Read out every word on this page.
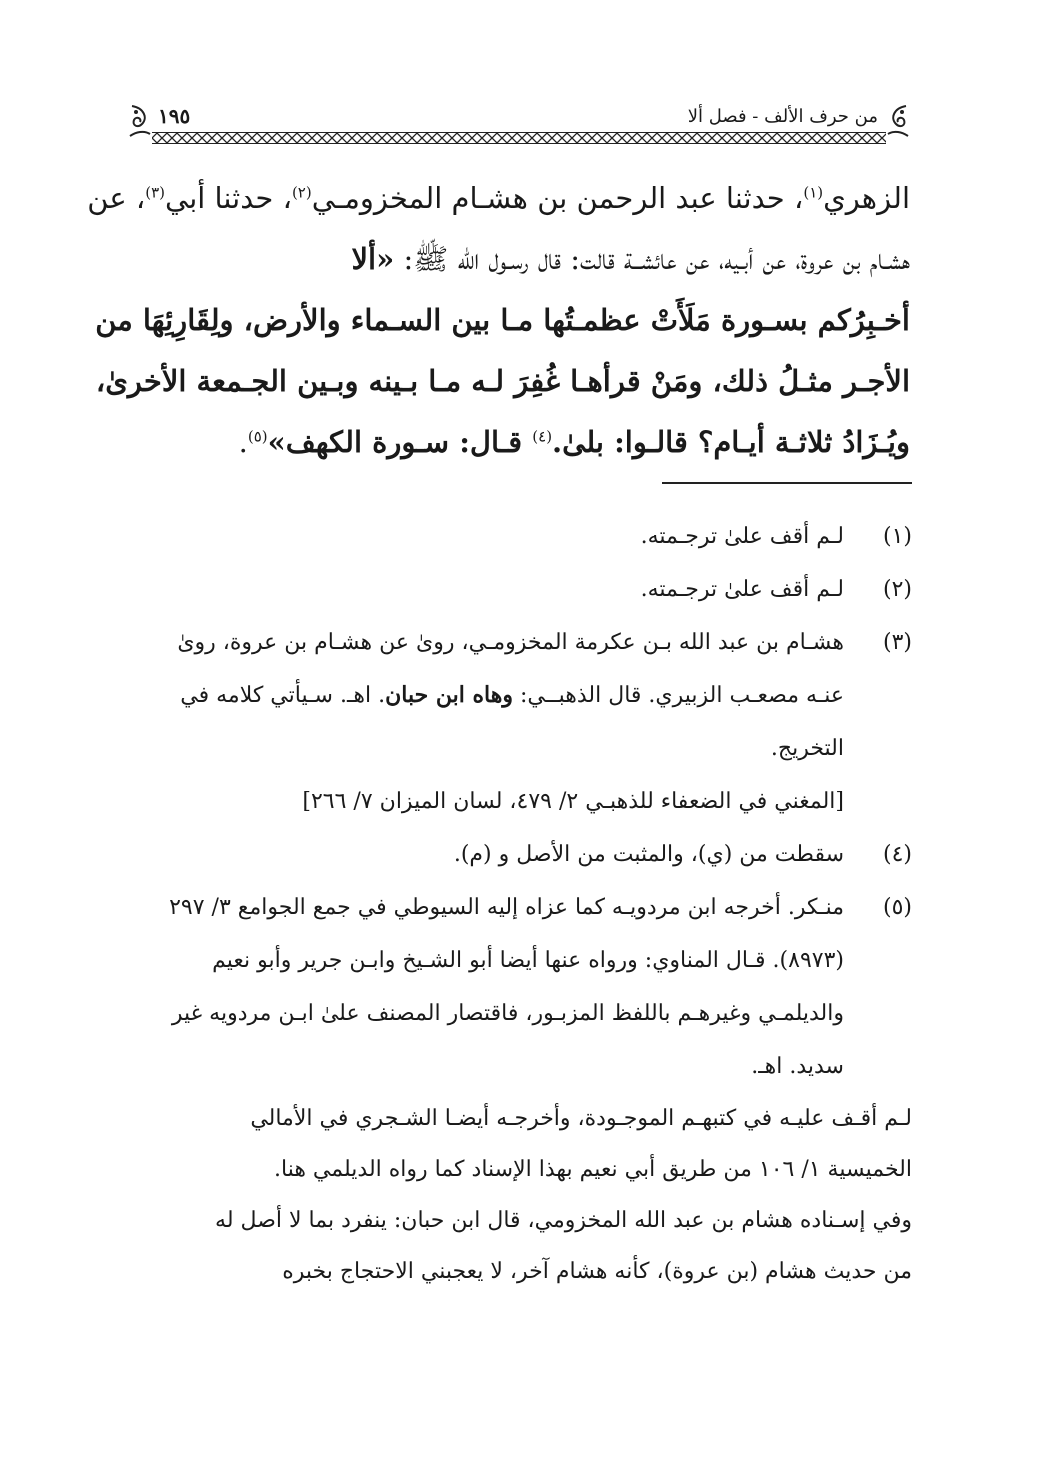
من حرف الألف - فصل ألا
١٩٥
الزهري$^{(١)}$، حدثنا عبد الرحمن بن هشـام المخزومـي$^{(٢)}$، حدثنا أبي$^{(٣)}$، عن
هشـام بن عروة، عن أبـيه، عن عائشــة قالت: قال رسـول الله ﷺ: «ألا
أخـبِرُكم بسـورة مَلَأَتْ عظمـتُها مـا بين السـماء والأرض، ولِقَارِئِهَا من
الأجـر مثـلُ ذلك، ومَنْ قرأهـا غُفِرَ لـه مـا بـينه وبـين الجـمعة الأخرىٰ،
ويُـزَادُ ثلاثـة أيـام؟ قالـوا: بلىٰ.$^{(٤)}$ قـال: سـورة الكهف»$^{(٥)}$.
(١)
لـم أقف علىٰ ترجـمته.
(٢)
لـم أقف علىٰ ترجـمته.
(٣)
هشـام بن عبد الله بـن عكرمة المخزومـي، روىٰ عن هشـام بن عروة، روىٰ
عنـه مصعـب الزبيري. قال الذهبــي: وهاه ابن حبان. اهـ. سـيأتي كلامه في
التخريج.
[المغني في الضعفاء للذهبـي ٢/ ٤٧٩، لسان الميزان ٧/ ٢٦٦]
(٤)
سقطت من (ي)، والمثبت من الأصل و (م).
(٥)
منـكر. أخرجه ابن مردويـه كما عزاه إليه السيوطي في جمع الجوامع ٣/ ٢٩٧
(٨٩٧٣). قـال المناوي: ورواه عنها أيضا أبو الشـيخ وابـن جرير وأبو نعيم
والديلمـي وغيرهـم باللفظ المزبـور، فاقتصار المصنف علىٰ ابـن مردويه غير
سديد. اهـ.
لـم أقـف عليـه في كتبهـم الموجـودة، وأخرجـه أيضـا الشـجري في الأمالي
الخميسية ١/ ١٠٦ من طريق أبي نعيم بهذا الإسناد كما رواه الديلمي هنا.
وفي إسـناده هشام بن عبد الله المخزومي، قال ابن حبان: ينفرد بما لا أصل له
من حديث هشام (بن عروة)، كأنه هشام آخر، لا يعجبني الاحتجاج بخبره
